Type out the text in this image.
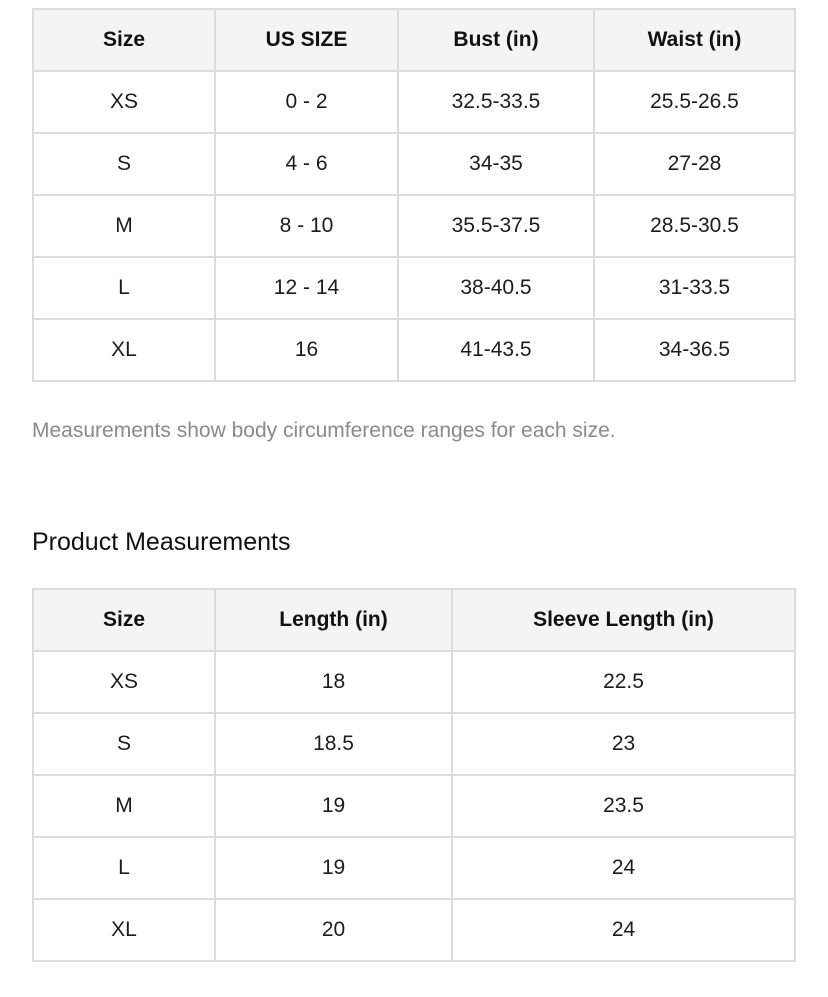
Size	US SIZE	Bust (in)	Waist (in)
XS	0 - 2	32.5-33.5	25.5-26.5
S	4 - 6	34-35	27-28
M	8 - 10	35.5-37.5	28.5-30.5
L	12 - 14	38-40.5	31-33.5
XL	16	41-43.5	34-36.5

Measurements show body circumference ranges for each size.

Product Measurements
Size	Length (in)	Sleeve Length (in)
XS	18	22.5
S	18.5	23
M	19	23.5
L	19	24
XL	20	24
